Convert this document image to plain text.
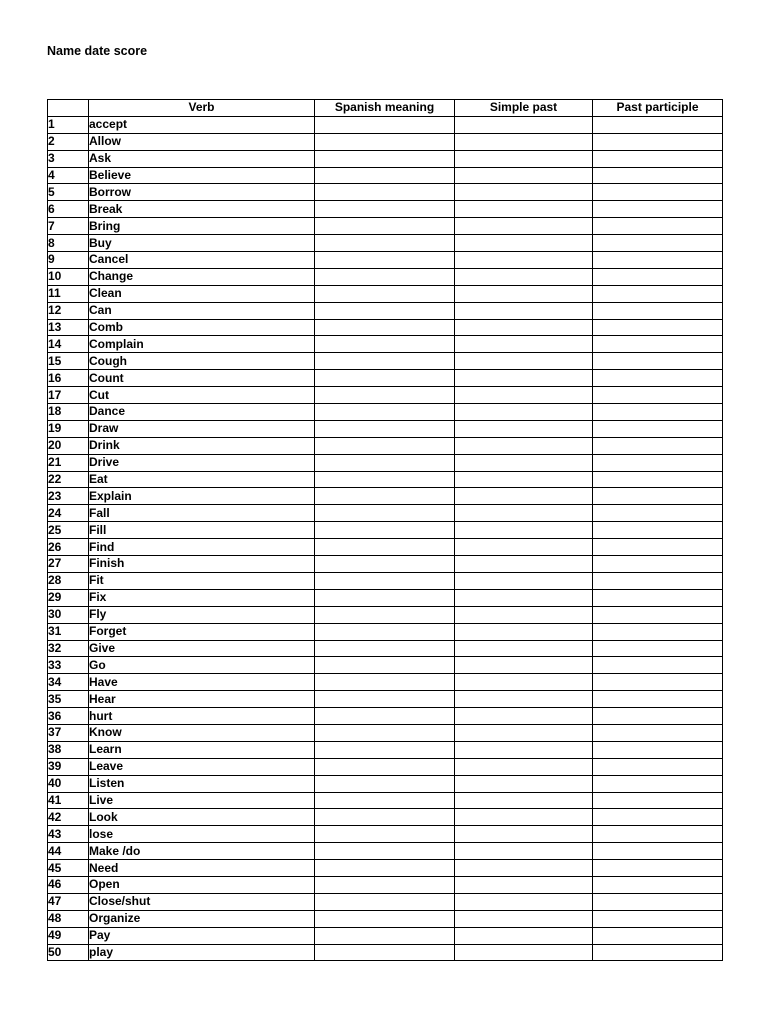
Name date score
	Verb	Spanish meaning	Simple past	Past participle
1	accept			
2	Allow			
3	Ask			
4	Believe			
5	Borrow			
6	Break			
7	Bring			
8	Buy			
9	Cancel			
10	Change			
11	Clean			
12	Can			
13	Comb			
14	Complain			
15	Cough			
16	Count			
17	Cut			
18	Dance			
19	Draw			
20	Drink			
21	Drive			
22	Eat			
23	Explain			
24	Fall			
25	Fill			
26	Find			
27	Finish			
28	Fit			
29	Fix			
30	Fly			
31	Forget			
32	Give			
33	Go			
34	Have			
35	Hear			
36	hurt			
37	Know			
38	Learn			
39	Leave			
40	Listen			
41	Live			
42	Look			
43	lose			
44	Make /do			
45	Need			
46	Open			
47	Close/shut			
48	Organize			
49	Pay			
50	play			
